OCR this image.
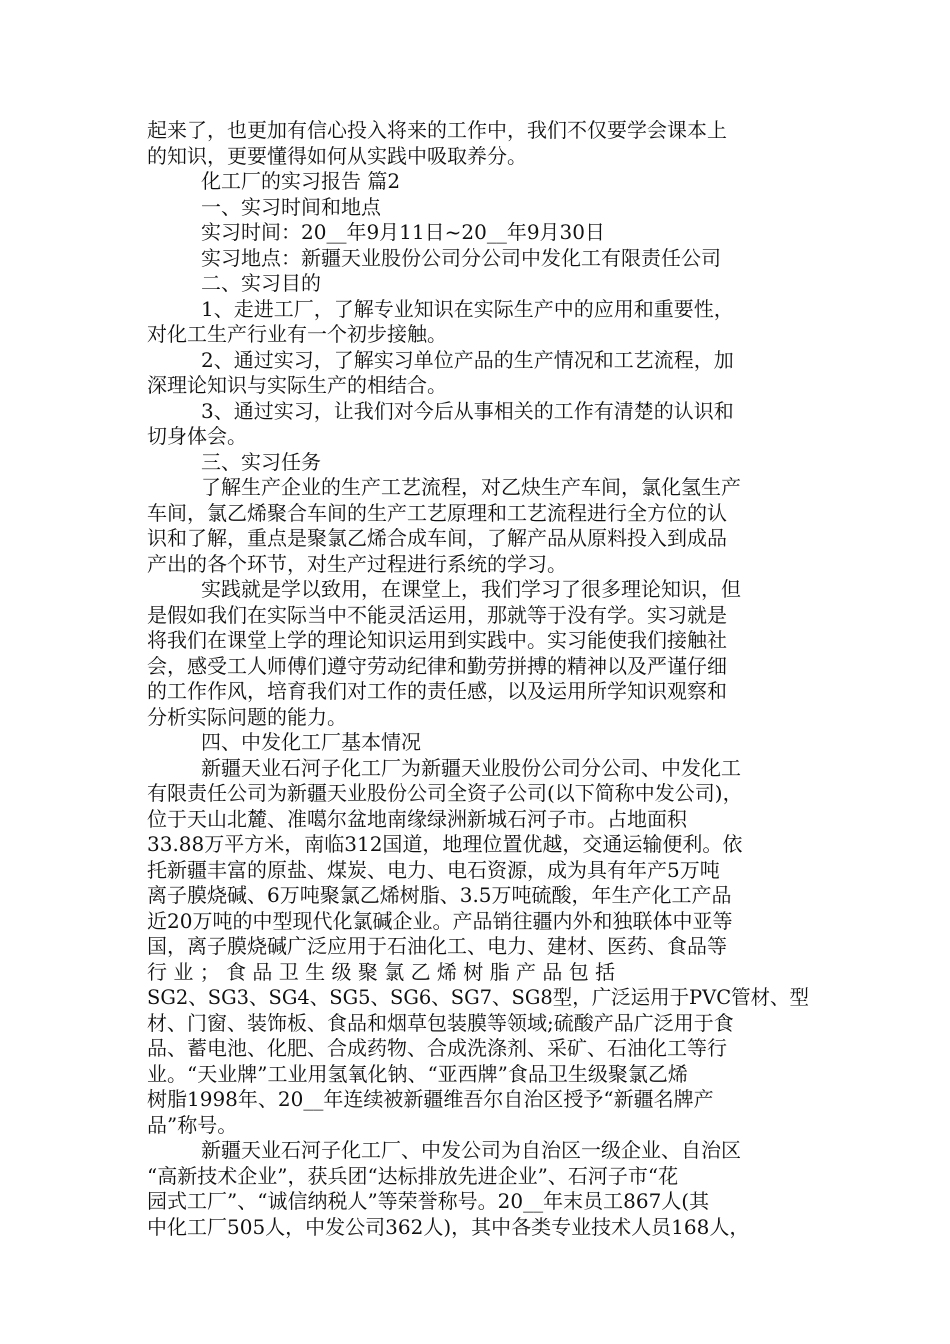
起来了，也更加有信心投入将来的工作中，我们不仅要学会课本上
的知识，更要懂得如何从实践中吸取养分。
化工厂的实习报告 篇2
一、实习时间和地点
实习时间：20__年9月11日~20__年9月30日
实习地点：新疆天业股份公司分公司中发化工有限责任公司
二、实习目的
1、走进工厂，了解专业知识在实际生产中的应用和重要性，
对化工生产行业有一个初步接触。
2、通过实习，了解实习单位产品的生产情况和工艺流程，加
深理论知识与实际生产的相结合。
3、通过实习，让我们对今后从事相关的工作有清楚的认识和
切身体会。
三、实习任务
了解生产企业的生产工艺流程，对乙炔生产车间，氯化氢生产
车间，氯乙烯聚合车间的生产工艺原理和工艺流程进行全方位的认
识和了解，重点是聚氯乙烯合成车间，了解产品从原料投入到成品
产出的各个环节，对生产过程进行系统的学习。
实践就是学以致用，在课堂上，我们学习了很多理论知识，但
是假如我们在实际当中不能灵活运用，那就等于没有学。实习就是
将我们在课堂上学的理论知识运用到实践中。实习能使我们接触社
会，感受工人师傅们遵守劳动纪律和勤劳拼搏的精神以及严谨仔细
的工作作风，培育我们对工作的责任感，以及运用所学知识观察和
分析实际问题的能力。
四、中发化工厂基本情况
新疆天业石河子化工厂为新疆天业股份公司分公司、中发化工
有限责任公司为新疆天业股份公司全资子公司(以下简称中发公司)，
位于天山北麓、准噶尔盆地南缘绿洲新城石河子市。占地面积
33.88万平方米，南临312国道，地理位置优越，交通运输便利。依
托新疆丰富的原盐、煤炭、电力、电石资源，成为具有年产5万吨
离子膜烧碱、6万吨聚氯乙烯树脂、3.5万吨硫酸，年生产化工产品
近20万吨的中型现代化氯碱企业。产品销往疆内外和独联体中亚等
国，离子膜烧碱广泛应用于石油化工、电力、建材、医药、食品等
行 业 ； 食 品 卫 生 级 聚 氯 乙 烯 树 脂 产 品 包 括
SG2、SG3、SG4、SG5、SG6、SG7、SG8型，广泛运用于PVC管材、型
材、门窗、装饰板、食品和烟草包装膜等领域;硫酸产品广泛用于食
品、蓄电池、化肥、合成药物、合成洗涤剂、采矿、石油化工等行
业。“天业牌”工业用氢氧化钠、“亚西牌”食品卫生级聚氯乙烯
树脂1998年、20__年连续被新疆维吾尔自治区授予“新疆名牌产
品”称号。
新疆天业石河子化工厂、中发公司为自治区一级企业、自治区
“高新技术企业”，获兵团“达标排放先进企业”、石河子市“花
园式工厂”、“诚信纳税人”等荣誉称号。20__年末员工867人(其
中化工厂505人，中发公司362人)，其中各类专业技术人员168人，
